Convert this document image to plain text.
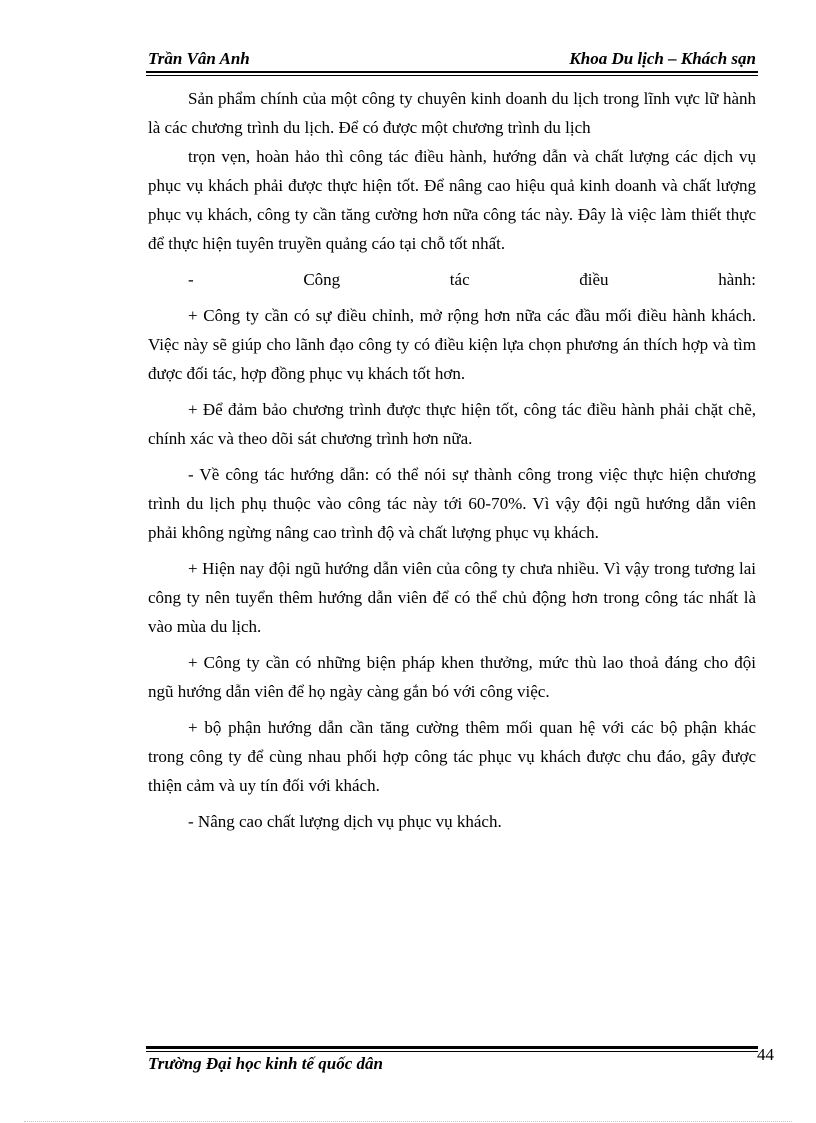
Trần Vân Anh	Khoa Du lịch – Khách sạn

Sản phẩm chính của một công ty chuyên kinh doanh du lịch trong lĩnh vực lữ hành là các chương trình du lịch. Để có được một chương trình du lịch

trọn vẹn, hoàn hảo thì công tác điều hành, hướng dẫn và chất lượng các dịch vụ phục vụ khách phải được thực hiện tốt. Để nâng cao hiệu quả kinh doanh và chất lượng phục vụ khách, công ty cần tăng cường hơn nữa công tác này. Đây là việc làm thiết thực để thực hiện tuyên truyền quảng cáo tại chỗ tốt nhất.

-	Công	tác	điều	hành:

+ Công ty cần có sự điều chỉnh, mở rộng hơn nữa các đầu mối điều hành khách. Việc này sẽ giúp cho lãnh đạo công ty có điều kiện lựa chọn phương án thích hợp và tìm được đối tác, hợp đồng phục vụ khách tốt hơn.

+ Để đảm bảo chương trình được thực hiện tốt, công tác điều hành phải chặt chẽ, chính xác và theo dõi sát chương trình hơn nữa.

- Về công tác hướng dẫn: có thể nói sự thành công trong việc thực hiện chương trình du lịch phụ thuộc vào công tác này tới 60-70%. Vì vậy đội ngũ hướng dẫn viên phải không ngừng nâng cao trình độ và chất lượng phục vụ khách.

+ Hiện nay đội ngũ hướng dẫn viên của công ty chưa nhiều. Vì vậy trong tương lai công ty nên tuyển thêm hướng dẫn viên để có thể chủ động hơn trong công tác nhất là vào mùa du lịch.

+ Công ty cần có những biện pháp khen thưởng, mức thù lao thoả đáng cho đội ngũ hướng dẫn viên để họ ngày càng gắn bó với công việc.

+ bộ phận hướng dẫn cần tăng cường thêm mối quan hệ với các bộ phận khác trong công ty để cùng nhau phối hợp công tác phục vụ khách được chu đáo, gây được thiện cảm và uy tín đối với khách.

- Nâng cao chất lượng dịch vụ phục vụ khách.

44
Trường Đại học kinh tế quốc dân
